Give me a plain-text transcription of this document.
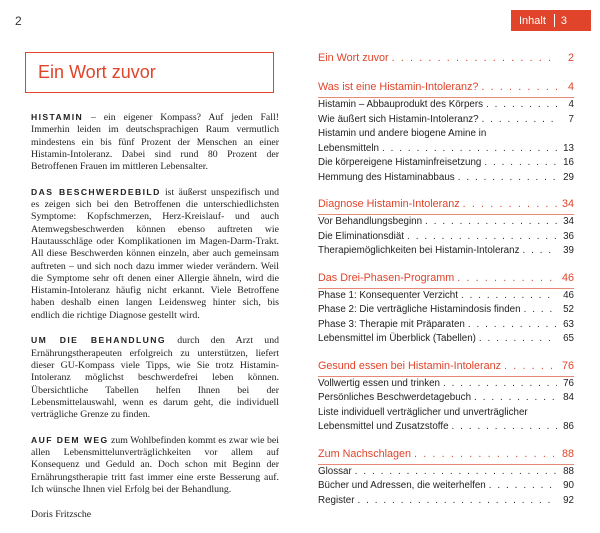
2	Inhalt 3
Ein Wort zuvor

HISTAMIN – ein eigener Kompass? Auf jeden Fall! Immerhin leiden im deutschsprachigen Raum vermutlich mindestens ein bis fünf Prozent der Menschen an einer Histamin-Intoleranz. Dabei sind rund 80 Prozent der Betroffenen Frauen im mittleren Lebensalter.

DAS BESCHWERDEBILD ist äußerst unspezifisch und es zeigen sich bei den Betroffenen die unterschiedlichsten Symptome: Kopfschmerzen, Herz-Kreislauf- und auch Atemwegsbeschwerden können ebenso auftreten wie Hautausschläge oder Komplikationen im Magen-Darm-Trakt. All diese Beschwerden können einzeln, aber auch gemeinsam auftreten – und sich noch dazu immer wieder verändern. Weil die Symptome sehr oft denen einer Allergie ähneln, wird die Histamin-Intoleranz häufig nicht erkannt. Viele Betroffene haben deshalb einen langen Leidensweg hinter sich, bis endlich die richtige Diagnose gestellt wird.

UM DIE BEHANDLUNG durch den Arzt und Ernährungstherapeuten erfolgreich zu unterstützen, liefert dieser GU-Kompass viele Tipps, wie Sie trotz Histamin-Intoleranz möglichst beschwerdefrei leben können. Übersichtliche Tabellen helfen Ihnen bei der Lebensmittelauswahl, wenn es darum geht, die individuell verträgliche Grenze zu finden.

AUF DEM WEG zum Wohlbefinden kommt es zwar wie bei allen Lebensmittelunverträglichkeiten vor allem auf Konsequenz und Geduld an. Doch schon mit Beginn der Ernährungstherapie tritt fast immer eine erste Besserung auf. Ich wünsche Ihnen viel Erfolg bei der Behandlung.

Doris Fritzsche

Ein Wort zuvor . . .	2
Was ist eine Histamin-Intoleranz? . . .	4
Histamin – Abbauprodukt des Körpers . . .	4
Wie äußert sich Histamin-Intoleranz? . . .	7
Histamin und andere biogene Amine in
Lebensmitteln . . .	13
Die körpereigene Histaminfreisetzung . . .	16
Hemmung des Histaminabbaus . . .	29
Diagnose Histamin-Intoleranz . . .	34
Vor Behandlungsbeginn . . .	34
Die Eliminationsdiät . . .	36
Therapiemöglichkeiten bei Histamin-Intoleranz . . .	39
Das Drei-Phasen-Programm . . .	46
Phase 1: Konsequenter Verzicht . . .	46
Phase 2: Die verträgliche Histamindosis finden . . .	52
Phase 3: Therapie mit Präparaten . . .	63
Lebensmittel im Überblick (Tabellen) . . .	65
Gesund essen bei Histamin-Intoleranz . . .	76
Vollwertig essen und trinken . . .	76
Persönliches Beschwerdetagebuch . . .	84
Liste individuell verträglicher und unverträglicher
Lebensmittel und Zusatzstoffe . . .	86
Zum Nachschlagen . . .	88
Glossar . . .	88
Bücher und Adressen, die weiterhelfen . . .	90
Register . . .	92
